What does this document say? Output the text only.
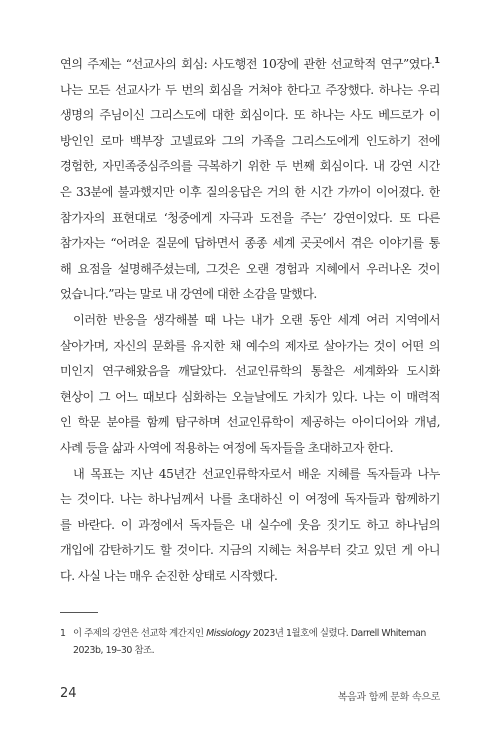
연의 주제는 “선교사의 회심: 사도행전 10장에 관한 선교학적 연구”였다.$^1$
나는 모든 선교사가 두 번의 회심을 거쳐야 한다고 주장했다. 하나는 우리
생명의 주님이신 그리스도에 대한 회심이다. 또 하나는 사도 베드로가 이
방인인 로마 백부장 고넬료와 그의 가족을 그리스도에게 인도하기 전에
경험한, 자민족중심주의를 극복하기 위한 두 번째 회심이다. 내 강연 시간
은 33분에 불과했지만 이후 질의응답은 거의 한 시간 가까이 이어졌다. 한
참가자의 표현대로 ‘청중에게 자극과 도전을 주는’ 강연이었다. 또 다른
참가자는 “어려운 질문에 답하면서 종종 세계 곳곳에서 겪은 이야기를 통
해 요점을 설명해주셨는데, 그것은 오랜 경험과 지혜에서 우러나온 것이
었습니다.”라는 말로 내 강연에 대한 소감을 말했다.
이러한 반응을 생각해볼 때 나는 내가 오랜 동안 세계 여러 지역에서
살아가며, 자신의 문화를 유지한 채 예수의 제자로 살아가는 것이 어떤 의
미인지 연구해왔음을 깨달았다. 선교인류학의 통찰은 세계화와 도시화
현상이 그 어느 때보다 심화하는 오늘날에도 가치가 있다. 나는 이 매력적
인 학문 분야를 함께 탐구하며 선교인류학이 제공하는 아이디어와 개념,
사례 등을 삶과 사역에 적용하는 여정에 독자들을 초대하고자 한다.
내 목표는 지난 45년간 선교인류학자로서 배운 지혜를 독자들과 나누
는 것이다. 나는 하나님께서 나를 초대하신 이 여정에 독자들과 함께하기
를 바란다. 이 과정에서 독자들은 내 실수에 웃음 짓기도 하고 하나님의
개입에 감탄하기도 할 것이다. 지금의 지혜는 처음부터 갖고 있던 게 아니
다. 사실 나는 매우 순진한 상태로 시작했다.
1 이 주제의 강연은 선교학 계간지인 Missiology 2023년 1월호에 실렸다. Darrell Whiteman
2023b, 19–30 참조.
24	복음과 함께 문화 속으로
